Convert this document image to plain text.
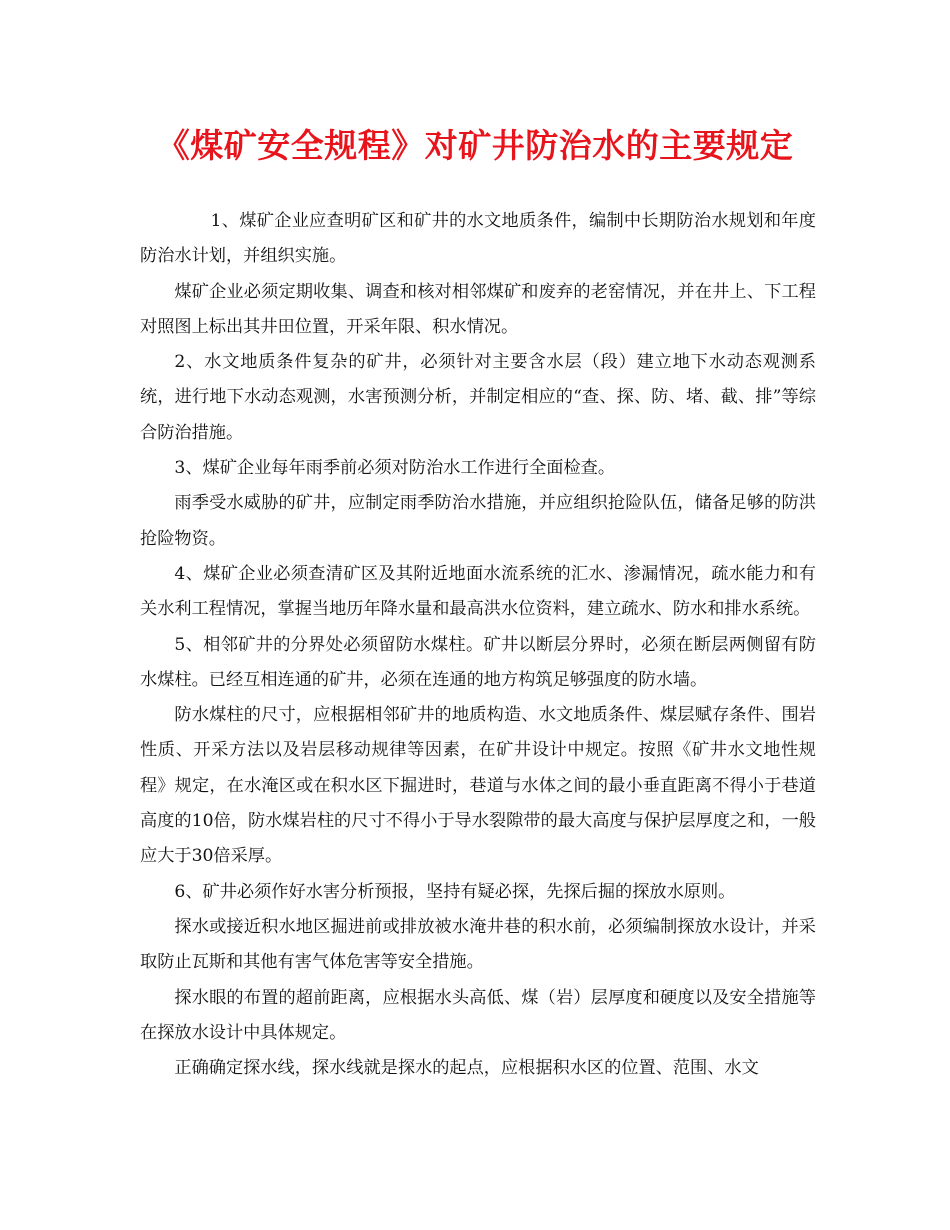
《煤矿安全规程》对矿井防治水的主要规定

1、煤矿企业应查明矿区和矿井的水文地质条件，编制中长期防治水规划和年度防治水计划，并组织实施。

煤矿企业必须定期收集、调查和核对相邻煤矿和废弃的老窑情况，并在井上、下工程对照图上标出其井田位置，开采年限、积水情况。

2、水文地质条件复杂的矿井，必须针对主要含水层（段）建立地下水动态观测系统，进行地下水动态观测，水害预测分析，并制定相应的“查、探、防、堵、截、排”等综合防治措施。

3、煤矿企业每年雨季前必须对防治水工作进行全面检查。

雨季受水威胁的矿井，应制定雨季防治水措施，并应组织抢险队伍，储备足够的防洪抢险物资。

4、煤矿企业必须查清矿区及其附近地面水流系统的汇水、渗漏情况，疏水能力和有关水利工程情况，掌握当地历年降水量和最高洪水位资料，建立疏水、防水和排水系统。

5、相邻矿井的分界处必须留防水煤柱。矿井以断层分界时，必须在断层两侧留有防水煤柱。已经互相连通的矿井，必须在连通的地方构筑足够强度的防水墙。

防水煤柱的尺寸，应根据相邻矿井的地质构造、水文地质条件、煤层赋存条件、围岩性质、开采方法以及岩层移动规律等因素，在矿井设计中规定。按照《矿井水文地性规程》规定，在水淹区或在积水区下掘进时，巷道与水体之间的最小垂直距离不得小于巷道高度的10倍，防水煤岩柱的尺寸不得小于导水裂隙带的最大高度与保护层厚度之和，一般应大于30倍采厚。

6、矿井必须作好水害分析预报，坚持有疑必探，先探后掘的探放水原则。

探水或接近积水地区掘进前或排放被水淹井巷的积水前，必须编制探放水设计，并采取防止瓦斯和其他有害气体危害等安全措施。

探水眼的布置的超前距离，应根据水头高低、煤（岩）层厚度和硬度以及安全措施等在探放水设计中具体规定。

正确确定探水线，探水线就是探水的起点，应根据积水区的位置、范围、水文
